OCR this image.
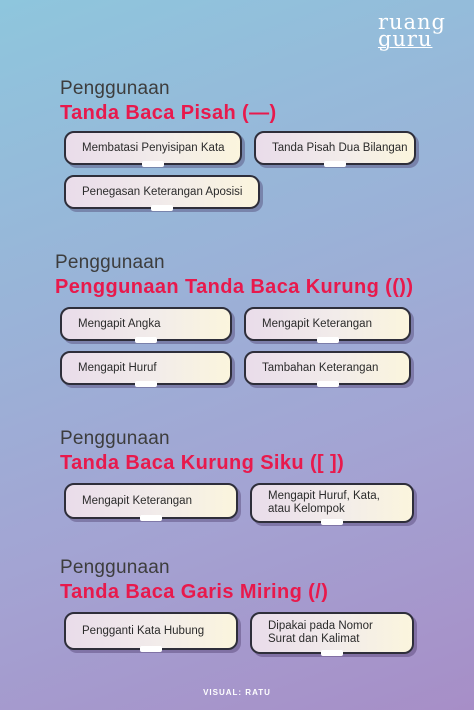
ruang
guru
Penggunaan
Tanda Baca Pisah (—)
Membatasi Penyisipan Kata	Tanda Pisah Dua Bilangan
Penegasan Keterangan Aposisi
Penggunaan
Penggunaan Tanda Baca Kurung (())
Mengapit Angka	Mengapit Keterangan
Mengapit Huruf	Tambahan Keterangan
Penggunaan
Tanda Baca Kurung Siku ([ ])
Mengapit Keterangan	Mengapit Huruf, Kata, atau Kelompok
Penggunaan
Tanda Baca Garis Miring (/)
Pengganti Kata Hubung	Dipakai pada Nomor Surat dan Kalimat
VISUAL: RATU
